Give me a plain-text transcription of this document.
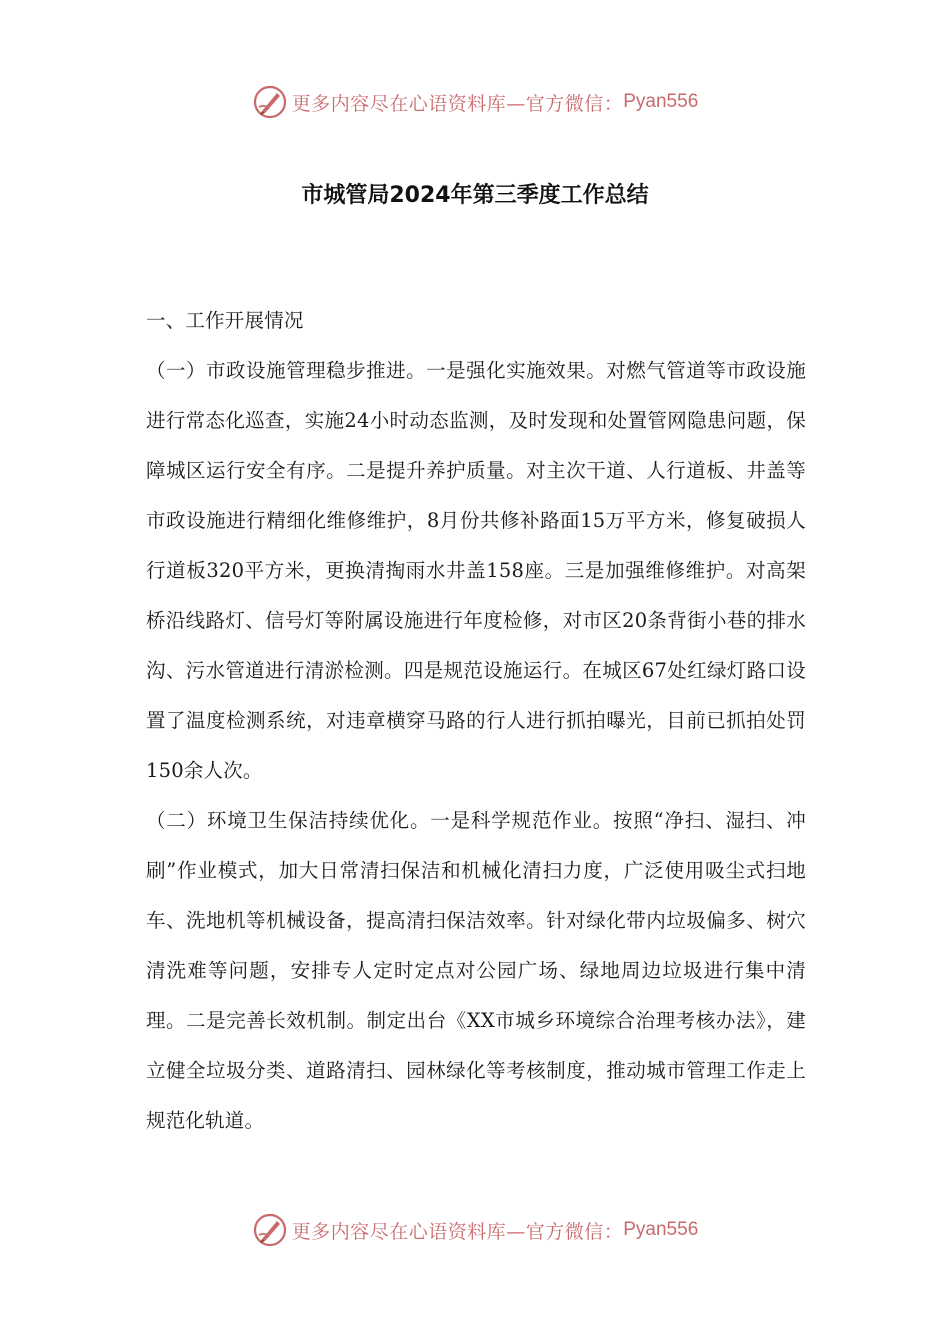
更多内容尽在心语资料库—官方微信： Pyan556
市城管局2024年第三季度工作总结

一、工作开展情况

（一）市政设施管理稳步推进。一是强化实施效果。对燃气管道等市政设施进行常态化巡查，实施24小时动态监测，及时发现和处置管网隐患问题，保障城区运行安全有序。二是提升养护质量。对主次干道、人行道板、井盖等市政设施进行精细化维修维护，8月份共修补路面15万平方米，修复破损人行道板320平方米，更换清掏雨水井盖158座。三是加强维修维护。对高架桥沿线路灯、信号灯等附属设施进行年度检修，对市区20条背街小巷的排水沟、污水管道进行清淤检测。四是规范设施运行。在城区67处红绿灯路口设置了温度检测系统，对违章横穿马路的行人进行抓拍曝光，目前已抓拍处罚150余人次。

（二）环境卫生保洁持续优化。一是科学规范作业。按照“净扫、湿扫、冲刷”作业模式，加大日常清扫保洁和机械化清扫力度，广泛使用吸尘式扫地车、洗地机等机械设备，提高清扫保洁效率。针对绿化带内垃圾偏多、树穴清洗难等问题，安排专人定时定点对公园广场、绿地周边垃圾进行集中清理。二是完善长效机制。制定出台《XX市城乡环境综合治理考核办法》，建立健全垃圾分类、道路清扫、园林绿化等考核制度，推动城市管理工作走上规范化轨道。

更多内容尽在心语资料库—官方微信： Pyan556
